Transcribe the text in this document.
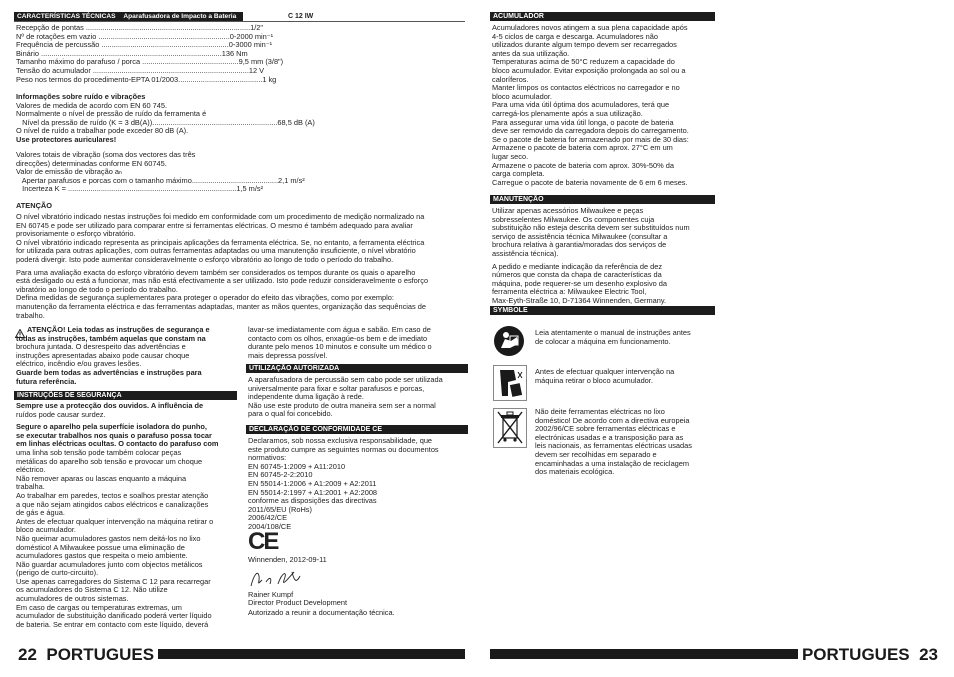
CARACTERÍSTICAS TÉCNICAS Aparafusadora de Impacto a Bateria	C 12 IW
Recepção de pontas ................................................................................1/2"
Nº de rotações em vazio ................................................................0-2000 min⁻¹
Frequência de percussão ..............................................................0-3000 min⁻¹
Binário ........................................................................................136 Nm
Tamanho máximo do parafuso / porca ...............................................9,5 mm (3/8")
Tensão do acumulador ............................................................................12 V
Peso nos termos do procedimento-EPTA 01/2003.........................................1 kg
Informações sobre ruído e vibrações
Valores de medida de acordo com EN 60 745.
Normalmente o nível de pressão de ruído da ferramenta é
Nível da pressão de ruído (K = 3 dB(A)).............................................................68,5 dB (A)
O nível de ruído a trabalhar pode exceder 80 dB (A).
Use protectores auriculares!
Valores totais de vibração (soma dos vectores das três
direcções) determinadas conforme EN 60745.
Valor de emissão de vibração aₕ
Apertar parafusos e porcas com o tamanho máximo..........................................2,1 m/s²
Incerteza K = ..................................................................................1,5 m/s²
ATENÇÃO
O nível vibratório indicado nestas instruções foi medido em conformidade com um procedimento de medição normalizado na
EN 60745 e pode ser utilizado para comparar entre si ferramentas eléctricas. O mesmo é também adequado para avaliar
provisoriamente o esforço vibratório.
O nível vibratório indicado representa as principais aplicações da ferramenta eléctrica. Se, no entanto, a ferramenta eléctrica
for utilizada para outras aplicações, com outras ferramentas adaptadas ou uma manutenção insuficiente, o nível vibratório
poderá divergir. Isto pode aumentar consideravelmente o esforço vibratório ao longo de todo o período do trabalho.

Para uma avaliação exacta do esforço vibratório devem também ser considerados os tempos durante os quais o aparelho
está desligado ou está a funcionar, mas não está efectivamente a ser utilizado. Isto pode reduzir consideravelmente o esforço
vibratório ao longo de todo o período do trabalho.
Defina medidas de segurança suplementares para proteger o operador do efeito das vibrações, como por exemplo:
manutenção da ferramenta eléctrica e das ferramentas adaptadas, manter as mãos quentes, organização das sequências de
trabalho.
ATENÇÃO! Leia todas as instruções de segurança e
todas as instruções, também aquelas que constam na
brochura juntada. O desrespeito das advertências e
instruções apresentadas abaixo pode causar choque
eléctrico, incêndio e/ou graves lesões.
Guarde bem todas as advertências e instruções para
futura referência.
INSTRUÇÕES DE SEGURANÇA
Sempre use a protecção dos ouvidos. A influência de
ruídos pode causar surdez.

Segure o aparelho pela superfície isoladora do punho,
se executar trabalhos nos quais o parafuso possa tocar
em linhas eléctricas ocultas. O contacto do parafuso com
uma linha sob tensão pode também colocar peças
metálicas do aparelho sob tensão e provocar um choque
eléctrico.
Não remover aparas ou lascas enquanto a máquina
trabalha.
Ao trabalhar em paredes, tectos e soalhos prestar atenção
a que não sejam atingidos cabos eléctricos e canalizações
de gás e água.
Antes de efectuar qualquer intervenção na máquina retirar o
bloco acumulador.
Não queimar acumuladores gastos nem deitá-los no lixo
doméstico! A Milwaukee possue uma eliminação de
acumuladores gastos que respeita o meio ambiente.
Não guardar acumuladores junto com objectos metálicos
(perigo de curto-circuito).
Use apenas carregadores do Sistema C 12 para recarregar
os acumuladores do Sistema C 12. Não utilize
acumuladores de outros sistemas.
Em caso de cargas ou temperaturas extremas, um
acumulador de substituição danificado poderá verter líquido
de bateria. Se entrar em contacto com este líquido, deverá
lavar-se imediatamente com água e sabão. Em caso de
contacto com os olhos, enxagúe-os bem e de imediato
durante pelo menos 10 minutos e consulte um médico o
mais depressa possível.
UTILIZAÇÃO AUTORIZADA
A aparafusadora de percussão sem cabo pode ser utilizada
universalmente para fixar e soltar parafusos e porcas,
independente duma ligação à rede.
Não use este produto de outra maneira sem ser a normal
para o qual foi concebido.
DECLARAÇÃO DE CONFORMIDADE CE
Declaramos, sob nossa exclusiva responsabilidade, que
este produto cumpre as seguintes normas ou documentos
normativos:
EN 60745-1:2009 + A11:2010
EN 60745-2-2:2010
EN 55014-1:2006 + A1:2009 + A2:2011
EN 55014-2:1997 + A1:2001 + A2:2008
conforme as disposições das directivas
2011/65/EU (RoHs)
2006/42/CE
2004/108/CE
CE
Winnenden, 2012-09-11
Rainer Kumpf
Director Product Development
Autorizado a reunir a documentação técnica.
22 PORTUGUES
ACUMULADOR
Acumuladores novos atingem a sua plena capacidade após
4-5 ciclos de carga e descarga. Acumuladores não
utilizados durante algum tempo devem ser recarregados
antes da sua utilização.
Temperaturas acima de 50°C reduzem a capacidade do
bloco acumulador. Evitar exposição prolongada ao sol ou a
caloríferos.
Manter limpos os contactos eléctricos no carregador e no
bloco acumulador.
Para uma vida útil óptima dos acumuladores, terá que
carregá-los plenamente após a sua utilização.
Para assegurar uma vida útil longa, o pacote de bateria
deve ser removido da carregadora depois do carregamento.
Se o pacote de bateria for armazenado por mais de 30 dias:
Armazene o pacote de bateria com aprox. 27°C em um
lugar seco.
Armazene o pacote de bateria com aprox. 30%-50% da
carga completa.
Carregue o pacote de bateria novamente de 6 em 6 meses.
MANUTENÇÃO
Utilizar apenas acessórios Milwaukee e peças
sobresselentes Milwaukee. Os componentes cuja
substituição não esteja descrita devem ser substituídos num
serviço de assistência técnica Milwaukee (consultar a
brochura relativa à garantia/moradas dos serviços de
assistência técnica).

A pedido e mediante indicação da referência de dez
números que consta da chapa de características da
máquina, pode requerer-se um desenho explosivo da
ferramenta eléctrica a: Milwaukee Electric Tool,
Max-Eyth-Straße 10, D-71364 Winnenden, Germany.
SYMBOLE
Leia atentamente o manual de instruções antes
de colocar a máquina em funcionamento.
Antes de efectuar qualquer intervenção na
máquina retirar o bloco acumulador.
Não deite ferramentas eléctricas no lixo
doméstico! De acordo com a directiva europeia
2002/96/CE sobre ferramentas eléctricas e
electrónicas usadas e a transposição para as
leis nacionais, as ferramentas eléctricas usadas
devem ser recolhidas em separado e
encaminhadas a uma instalação de reciclagem
dos materiais ecológica.
PORTUGUES 23
